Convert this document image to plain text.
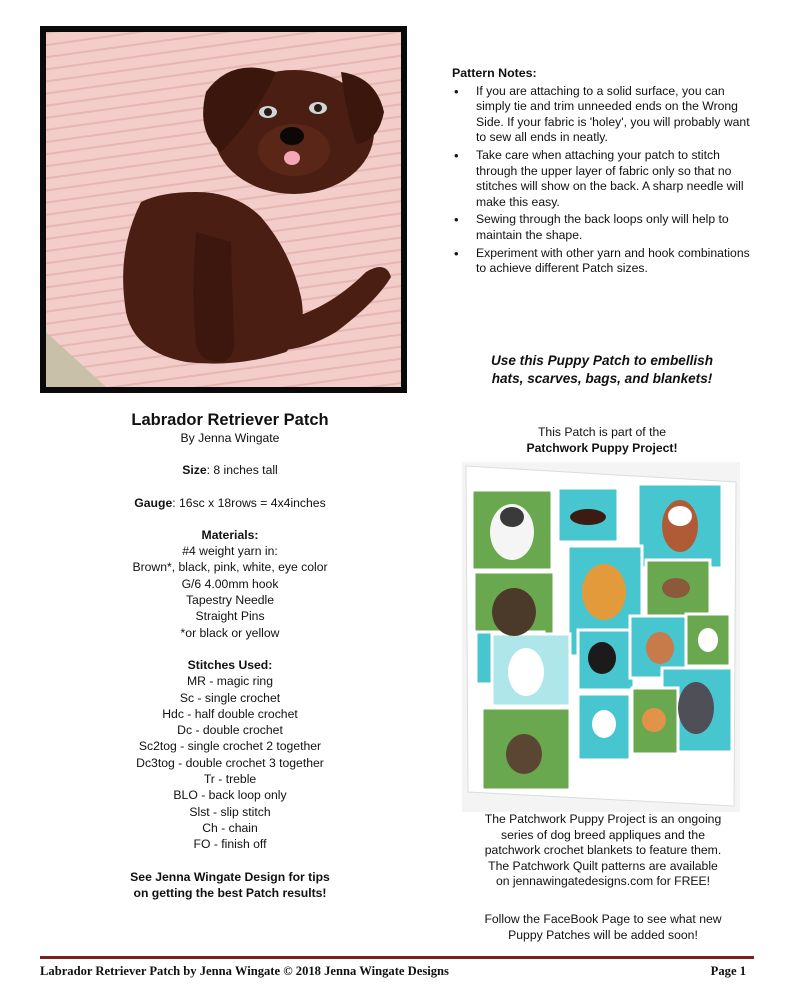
Pattern Notes:
• If you are attaching to a solid surface, you can simply tie and trim unneeded ends on the Wrong Side. If your fabric is 'holey', you will probably want to sew all ends in neatly.
• Take care when attaching your patch to stitch through the upper layer of fabric only so that no stitches will show on the back. A sharp needle will make this easy.
• Sewing through the back loops only will help to maintain the shape.
• Experiment with other yarn and hook combinations to achieve different Patch sizes.
Use this Puppy Patch to embellish
hats, scarves, bags, and blankets!

Labrador Retriever Patch

By Jenna Wingate

Size: 8 inches tall

Gauge: 16sc x 18rows = 4x4inches

Materials:

#4 weight yarn in:

Brown*, black, pink, white, eye color

G/6 4.00mm hook

Tapestry Needle

Straight Pins

*or black or yellow

Stitches Used:

MR - magic ring

Sc - single crochet

Hdc - half double crochet

Dc - double crochet

Sc2tog - single crochet 2 together

Dc3tog - double crochet 3 together

Tr - treble

BLO - back loop only

Slst - slip stitch

Ch - chain

FO - finish off

See Jenna Wingate Design for tips

on getting the best Patch results!

This Patch is part of the
Patchwork Puppy Project!
The Patchwork Puppy Project is an ongoing
series of dog breed appliques and the
patchwork crochet blankets to feature them.
The Patchwork Quilt patterns are available
on jennawingatedesigns.com for FREE!
Follow the FaceBook Page to see what new
Puppy Patches will be added soon!
Labrador Retriever Patch by Jenna Wingate © 2018 Jenna Wingate Designs	Page 1
